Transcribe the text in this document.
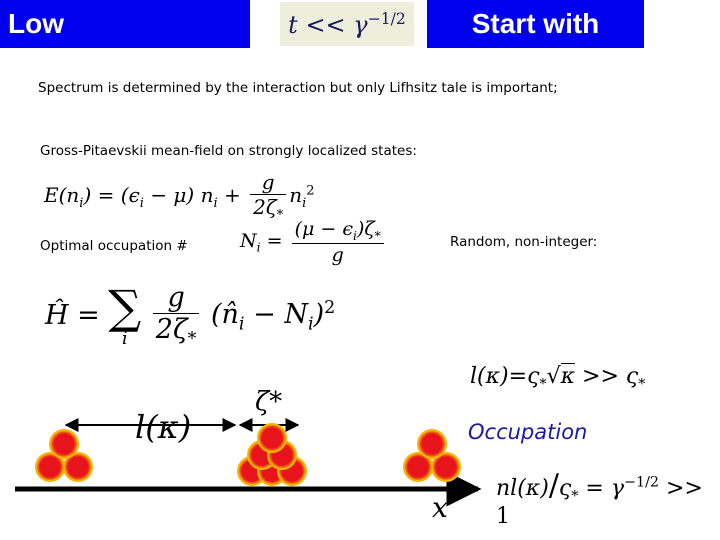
Low	$t << \gamma^{-1/2}$	Start with
Spectrum is determined by the interaction but only Lifhsitz tale is important;
Gross-Pitaevskii mean-field on strongly localized states:
Optimal occupation #	Random, non-integer:
$E(n_i) = (\epsilon_i - \mu) n_i + \frac{g}{2\zeta_*} n_i^2$
$N_i = \frac{(\mu - \epsilon_i)\zeta_*}{g}$
Ĥ = ∑
i
$\frac{g}{2\zeta_*}$ $(n̂_i - N_i)^2$
$l(\kappa)=\varsigma_*√\kappa >> \varsigma_*$
Occupation
$nl(\kappa)/\varsigma_* = \gamma^{-1/2} >> 1$
x
l(κ)
ζ*
